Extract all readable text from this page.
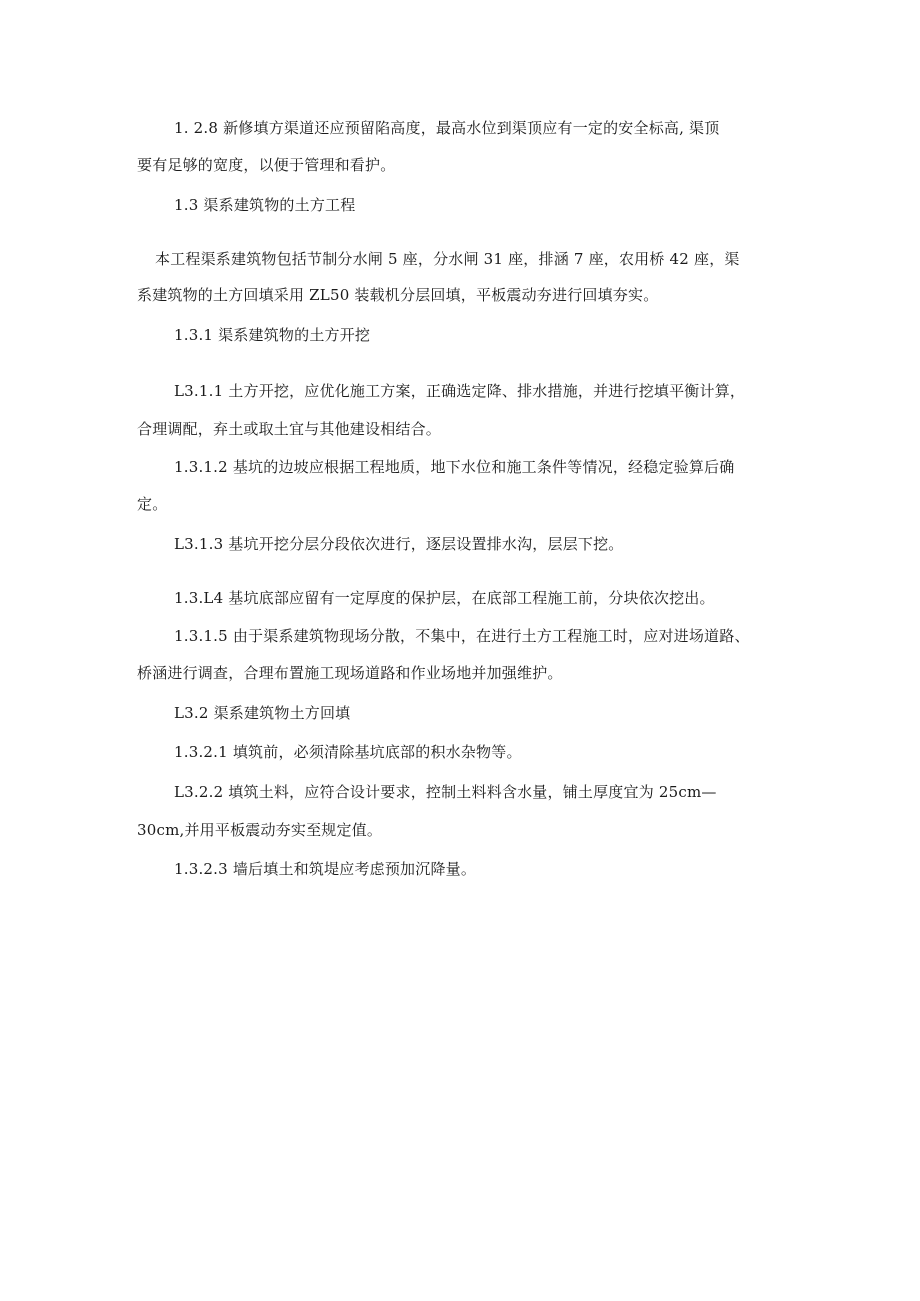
1. 2.8 新修填方渠道还应预留陷高度，最高水位到渠顶应有一定的安全标高, 渠顶
要有足够的宽度，以便于管理和看护。
1.3 渠系建筑物的土方工程
本工程渠系建筑物包括节制分水闸 5 座，分水闸 31 座，排涵 7 座，农用桥 42 座，渠
系建筑物的土方回填采用 ZL50 装载机分层回填，平板震动夯进行回填夯实。
1.3.1 渠系建筑物的土方开挖
L3.1.1 土方开挖，应优化施工方案，正确选定降、排水措施，并进行挖填平衡计算，
合理调配，弃土或取土宜与其他建设相结合。
1.3.1.2 基坑的边坡应根据工程地质，地下水位和施工条件等情况，经稳定验算后确
定。
L3.1.3 基坑开挖分层分段依次进行，逐层设置排水沟，层层下挖。
1.3.L4 基坑底部应留有一定厚度的保护层，在底部工程施工前，分块依次挖出。
1.3.1.5 由于渠系建筑物现场分散，不集中，在进行土方工程施工时，应对进场道路、
桥涵进行调查，合理布置施工现场道路和作业场地并加强维护。
L3.2 渠系建筑物土方回填
1.3.2.1 填筑前，必须清除基坑底部的积水杂物等。
L3.2.2 填筑土料，应符合设计要求，控制土料料含水量，铺土厚度宜为 25cm—
30cm,并用平板震动夯实至规定值。
1.3.2.3 墙后填土和筑堤应考虑预加沉降量。
